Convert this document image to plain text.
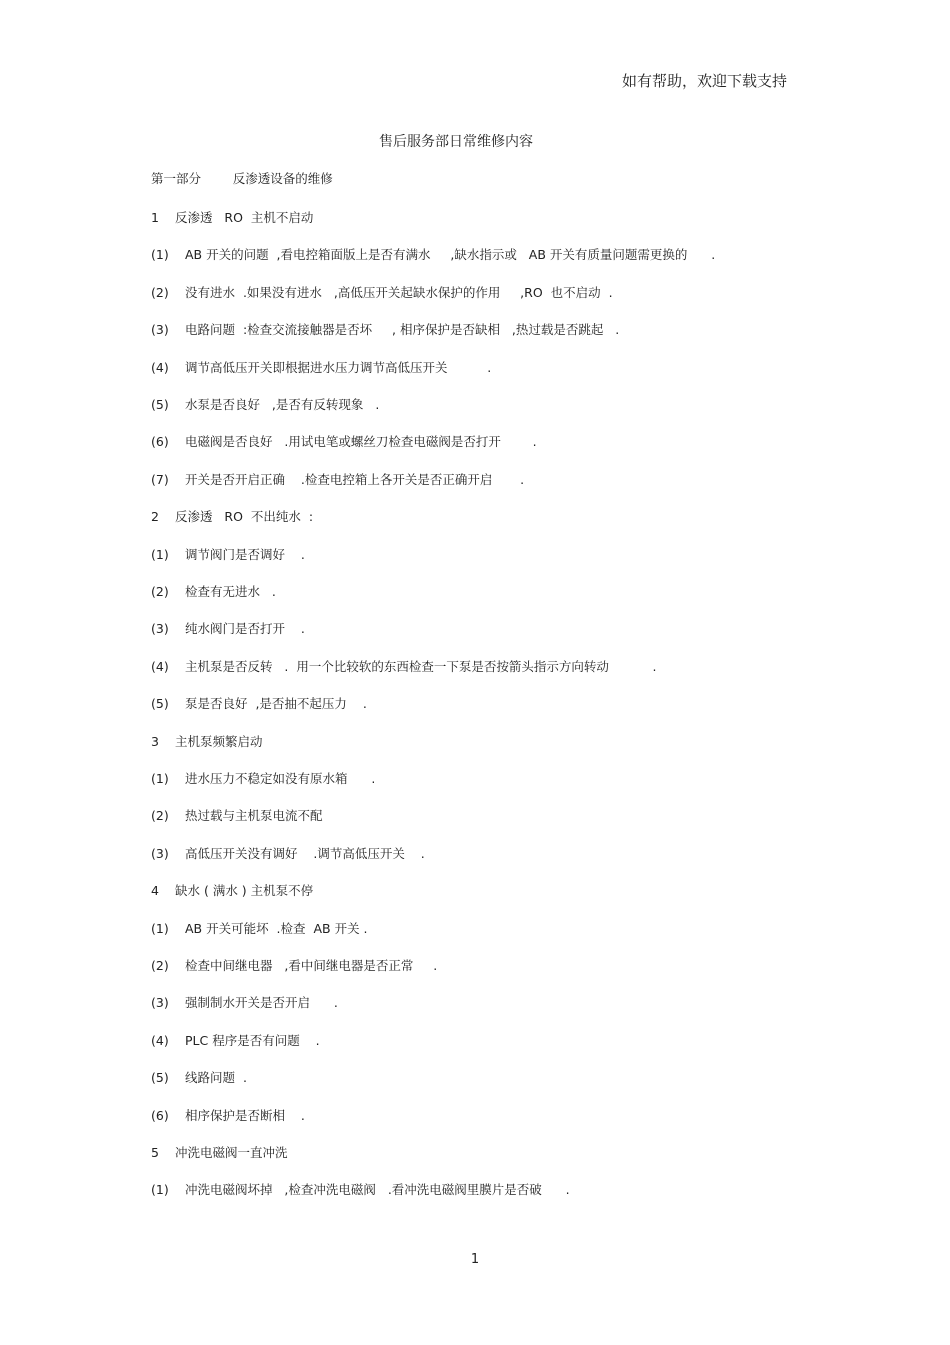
如有帮助，欢迎下载支持
售后服务部日常维修内容
第一部分        反渗透设备的维修
1 反渗透   RO  主机不启动
(1) AB 开关的问题  ,看电控箱面版上是否有满水     ,缺水指示或   AB 开关有质量问题需更换的      .
(2) 没有进水  .如果没有进水   ,高低压开关起缺水保护的作用     ,RO  也不启动  .
(3) 电路问题  :检查交流接触器是否坏     , 相序保护是否缺相   ,热过载是否跳起   .
(4) 调节高低压开关即根据进水压力调节高低压开关          .
(5) 水泵是否良好   ,是否有反转现象   .
(6) 电磁阀是否良好   .用试电笔或螺丝刀检查电磁阀是否打开        .
(7) 开关是否开启正确    .检查电控箱上各开关是否正确开启       .
2 反渗透   RO  不出纯水  :
(1) 调节阀门是否调好    .
(2) 检查有无进水   .
(3) 纯水阀门是否打开    .
(4) 主机泵是否反转   .  用一个比较软的东西检查一下泵是否按箭头指示方向转动           .
(5) 泵是否良好  ,是否抽不起压力    .
3 主机泵频繁启动
(1) 进水压力不稳定如没有原水箱      .
(2) 热过载与主机泵电流不配
(3) 高低压开关没有调好    .调节高低压开关    .
4 缺水 ( 满水 ) 主机泵不停
(1) AB 开关可能坏  .检查  AB 开关 .
(2) 检查中间继电器   ,看中间继电器是否正常     .
(3) 强制制水开关是否开启      .
(4) PLC 程序是否有问题    .
(5) 线路问题  .
(6) 相序保护是否断相    .
5 冲洗电磁阀一直冲洗
(1) 冲洗电磁阀坏掉   ,检查冲洗电磁阀   .看冲洗电磁阀里膜片是否破      .
1
